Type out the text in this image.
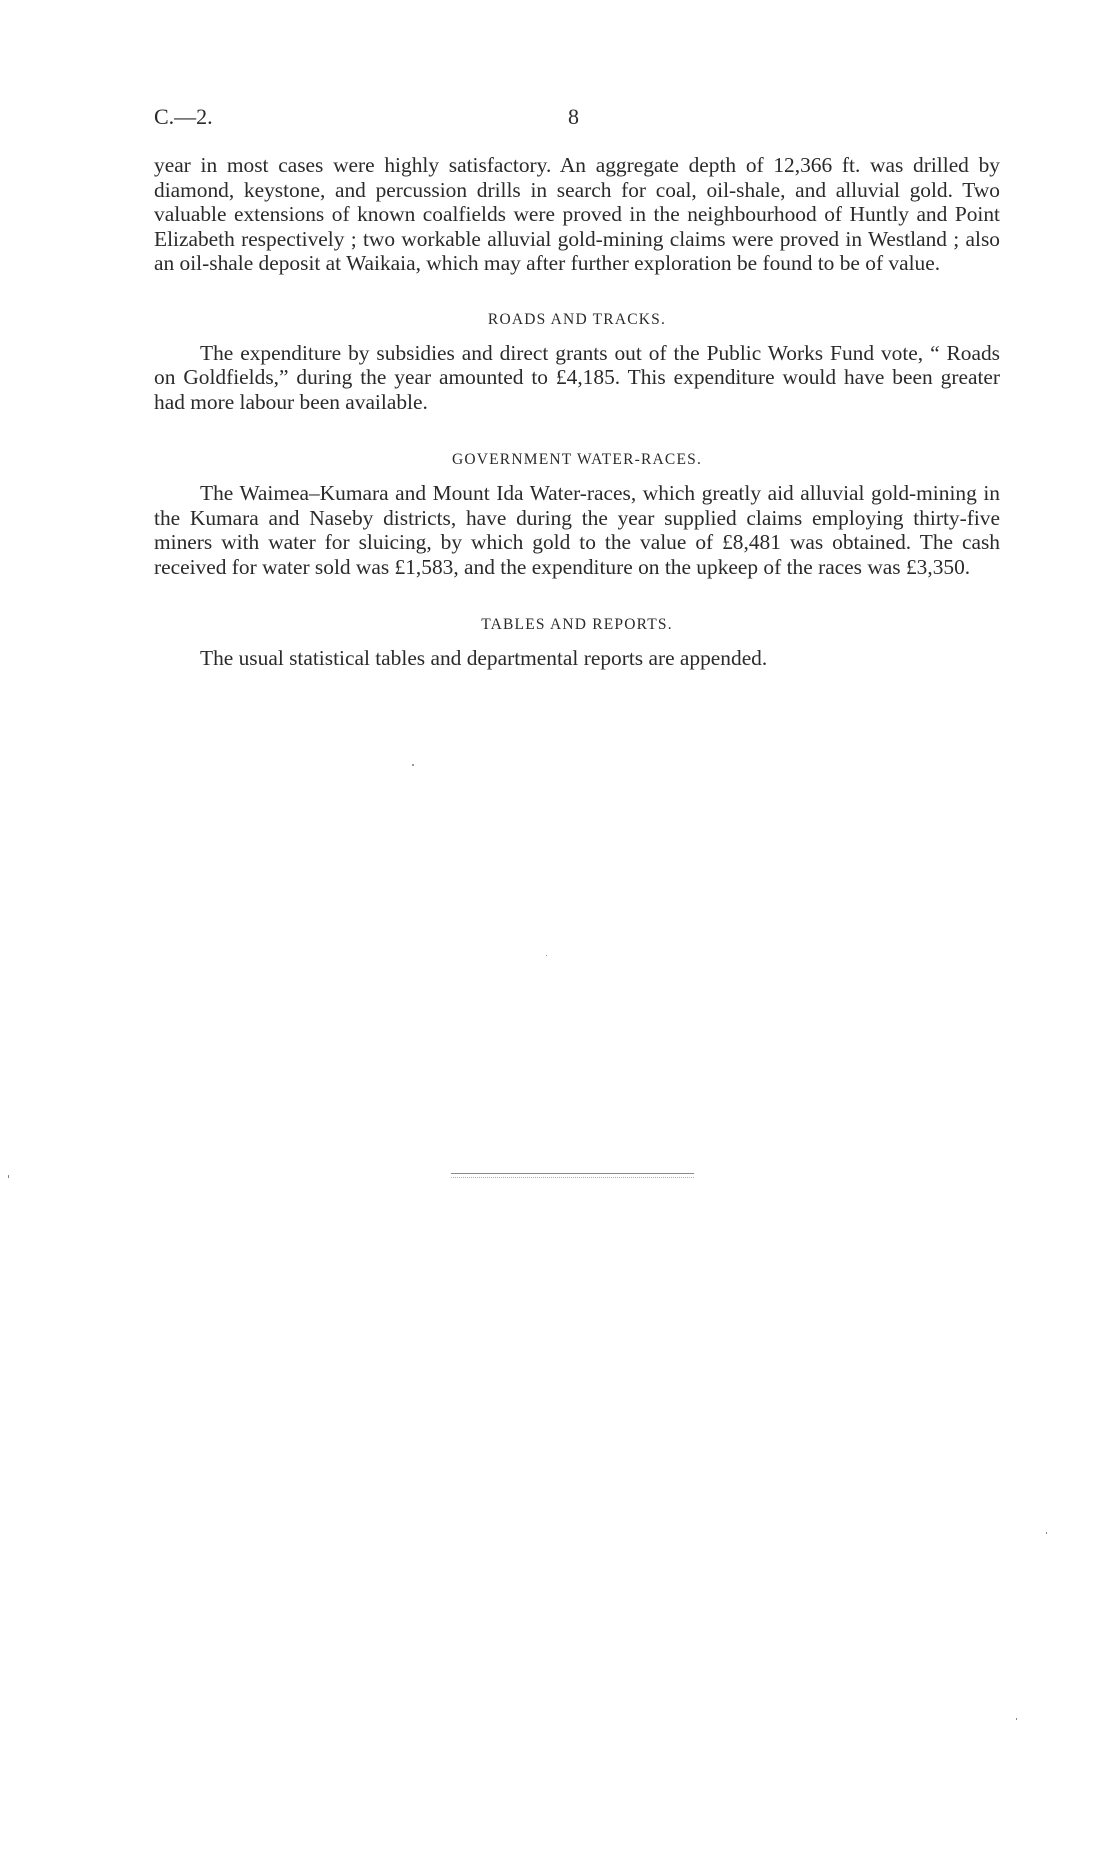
C.—2.	8

year in most cases were highly satisfactory. An aggregate depth of 12,366 ft. was drilled by diamond, keystone, and percussion drills in search for coal, oil-shale, and alluvial gold. Two valuable extensions of known coalfields were proved in the neighbourhood of Huntly and Point Elizabeth respectively ; two workable alluvial gold-mining claims were proved in Westland ; also an oil-shale deposit at Waikaia, which may after further exploration be found to be of value.

ROADS AND TRACKS.

The expenditure by subsidies and direct grants out of the Public Works Fund vote, “ Roads on Goldfields,” during the year amounted to £4,185. This expenditure would have been greater had more labour been available.

GOVERNMENT WATER-RACES.

The Waimea–Kumara and Mount Ida Water-races, which greatly aid alluvial gold-mining in the Kumara and Naseby districts, have during the year supplied claims employing thirty-five miners with water for sluicing, by which gold to the value of £8,481 was obtained. The cash received for water sold was £1,583, and the expenditure on the upkeep of the races was £3,350.

TABLES AND REPORTS.

The usual statistical tables and departmental reports are appended.
